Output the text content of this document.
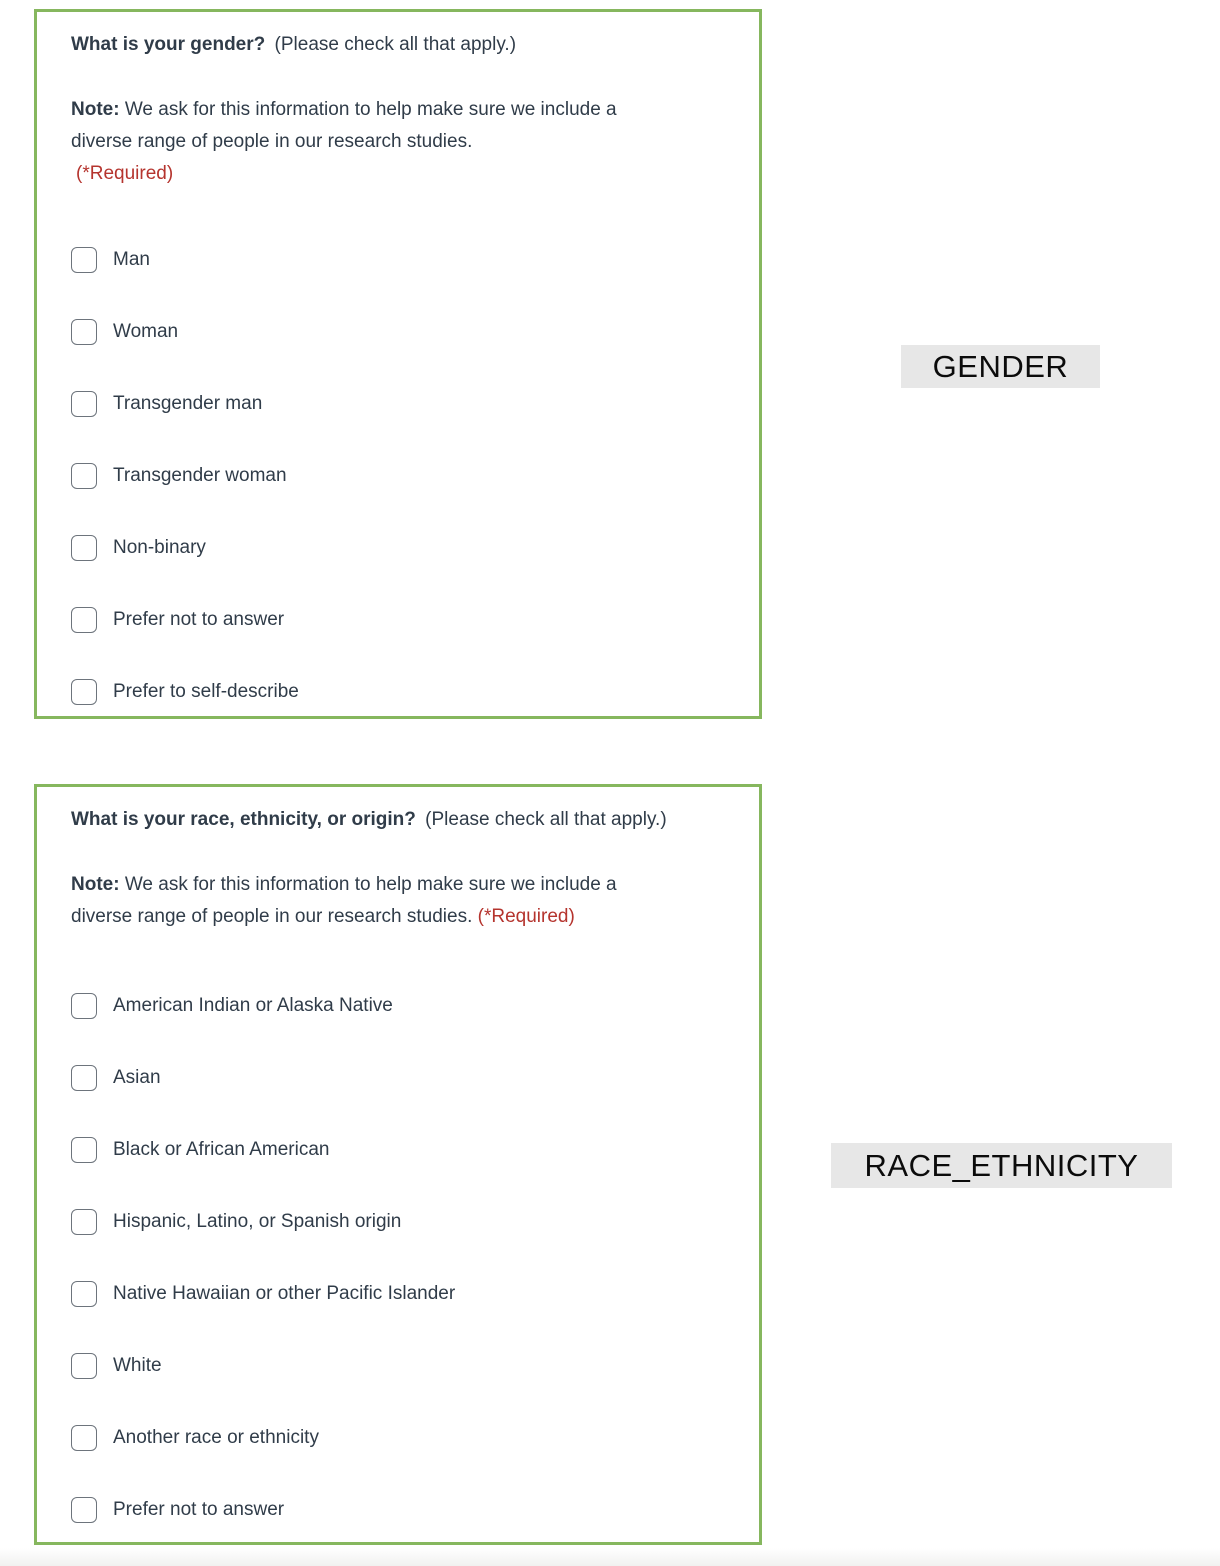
What is your gender? (Please check all that apply.)

Note: We ask for this information to help make sure we include a diverse range of people in our research studies.

(*Required)

Man
Woman
Transgender man
Transgender woman
Non-binary
Prefer not to answer
Prefer to self-describe
What is your race, ethnicity, or origin? (Please check all that apply.)

Note: We ask for this information to help make sure we include a diverse range of people in our research studies. (*Required)

American Indian or Alaska Native
Asian
Black or African American
Hispanic, Latino, or Spanish origin
Native Hawaiian or other Pacific Islander
White
Another race or ethnicity
Prefer not to answer
GENDER
RACE_ETHNICITY
